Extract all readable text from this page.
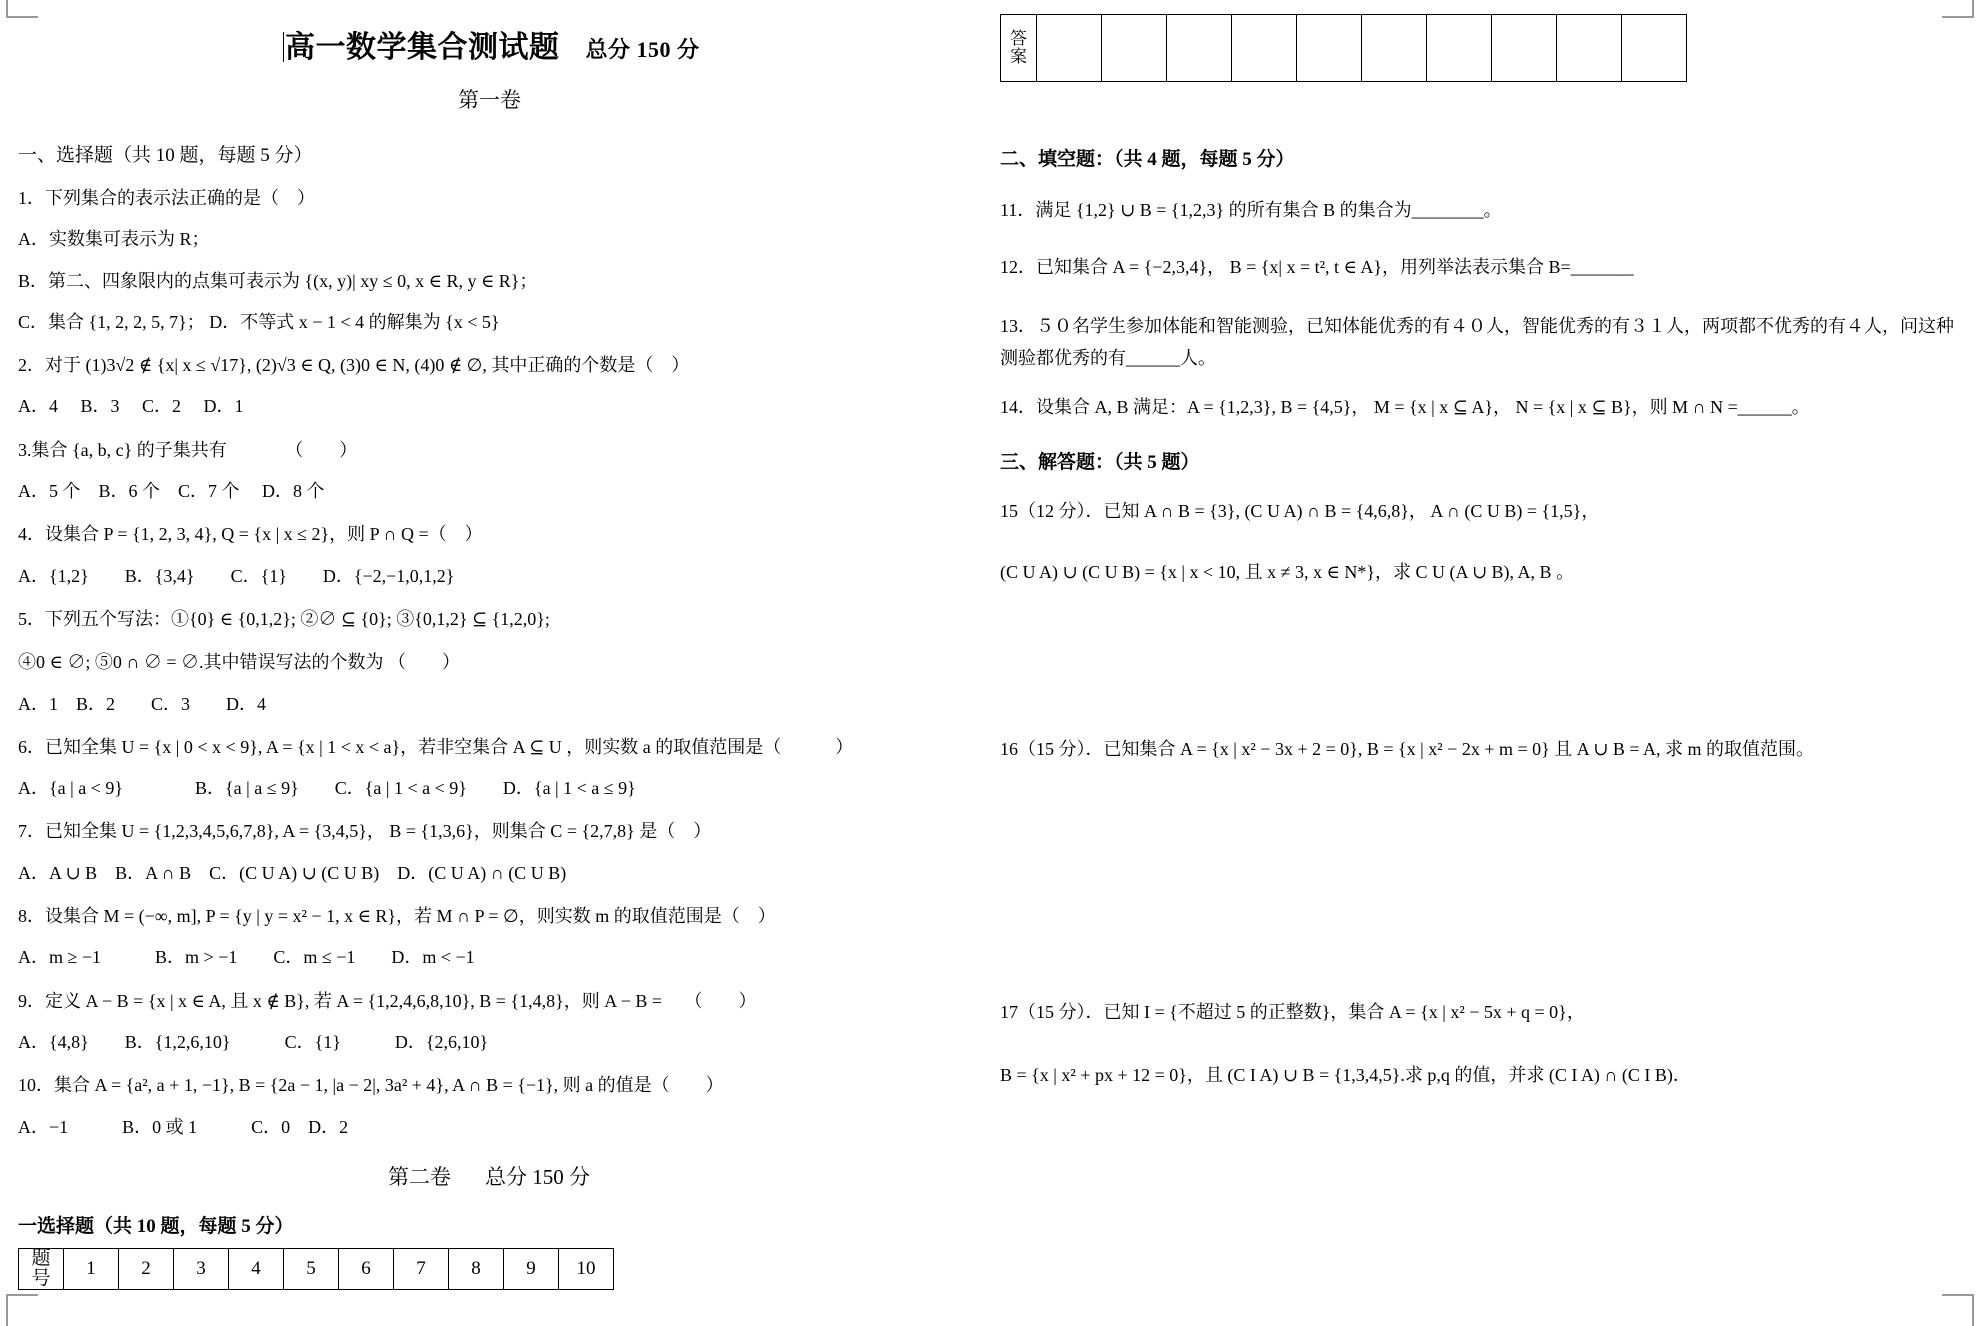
高一数学集合测试题 总分 150 分
第一卷
一、选择题（共 10 题，每题 5 分）
1．下列集合的表示法正确的是（　）
A．实数集可表示为 R；
B．第二、四象限内的点集可表示为 {(x, y)| xy ≤ 0, x ∈ R, y ∈ R}；
C．集合 {1, 2, 2, 5, 7}； D．不等式 x − 1 < 4 的解集为 {x < 5}
2．对于 (1)3√2 ∉ {x| x ≤ √17}, (2)√3 ∈ Q, (3)0 ∈ N, (4)0 ∉ ∅, 其中正确的个数是（　）
A．4　 B．3　 C．2　 D．1
3.集合 {a, b, c} 的子集共有　　　 （　　）
A．5 个　B．6 个　C．7 个　 D．8 个
4．设集合 P = {1, 2, 3, 4}, Q = {x | x ≤ 2}，则 P ∩ Q =（　）
A．{1,2}　　B．{3,4}　　C．{1}　　D．{−2,−1,0,1,2}
5．下列五个写法：①{0} ∈ {0,1,2}; ②∅ ⊆ {0}; ③{0,1,2} ⊆ {1,2,0};
④0 ∈ ∅; ⑤0 ∩ ∅ = ∅.其中错误写法的个数为 （　　）
A．1　B．2　　C．3　　D．4
6．已知全集 U = {x | 0 < x < 9}, A = {x | 1 < x < a}，若非空集合 A ⊆ U ，则实数 a 的取值范围是（　　　）
A．{a | a < 9}　　　　B．{a | a ≤ 9}　　C．{a | 1 < a < 9}　　D．{a | 1 < a ≤ 9}
7．已知全集 U = {1,2,3,4,5,6,7,8}, A = {3,4,5}， B = {1,3,6}，则集合 C = {2,7,8} 是（　）
A．A ∪ B　B．A ∩ B　C．(C U A) ∪ (C U B)　D．(C U A) ∩ (C U B)
8．设集合 M = (−∞, m], P = {y | y = x² − 1, x ∈ R}，若 M ∩ P = ∅，则实数 m 的取值范围是（　）
A．m ≥ −1　　　B．m > −1　　C．m ≤ −1　　D．m < −1
9．定义 A − B = {x | x ∈ A, 且 x ∉ B}, 若 A = {1,2,4,6,8,10}, B = {1,4,8}，则 A − B =　 （　　）
A．{4,8}　　B．{1,2,6,10}　　　C．{1}　　　D．{2,6,10}
10．集合 A = {a², a + 1, −1}, B = {2a − 1, |a − 2|, 3a² + 4}, A ∩ B = {−1}, 则 a 的值是（　　）
A．−1　　　B．0 或 1　　　C．0　D．2
第二卷 总分 150 分
一选择题（共 10 题，每题 5 分）
题
号	1	2	3	4	5	6	7	8	9	10
答 案										
二、填空题：（共 4 题，每题 5 分）
11．满足 {1,2} ∪ B = {1,2,3} 的所有集合 B 的集合为________。
12．已知集合 A = {−2,3,4}， B = {x| x = t², t ∈ A}，用列举法表示集合 B=_______
13．５０名学生参加体能和智能测验，已知体能优秀的有４０人，智能优秀的有３１人，两项都不优秀的有４人，问这种测验都优秀的有______人。
14．设集合 A, B 满足：A = {1,2,3}, B = {4,5}， M = {x | x ⊆ A}， N = {x | x ⊆ B}，则 M ∩ N =______。
三、解答题：（共 5 题）
15（12 分）．已知 A ∩ B = {3}, (C U A) ∩ B = {4,6,8}， A ∩ (C U B) = {1,5}，
(C U A) ∪ (C U B) = {x | x < 10, 且 x ≠ 3, x ∈ N*}，求 C U (A ∪ B), A, B 。
16（15 分）．已知集合 A = {x | x² − 3x + 2 = 0}, B = {x | x² − 2x + m = 0} 且 A ∪ B = A, 求 m 的取值范围。
17（15 分）．已知 I = {不超过 5 的正整数}，集合 A = {x | x² − 5x + q = 0}，
B = {x | x² + px + 12 = 0}，且 (C I A) ∪ B = {1,3,4,5}.求 p,q 的值，并求 (C I A) ∩ (C I B)．
